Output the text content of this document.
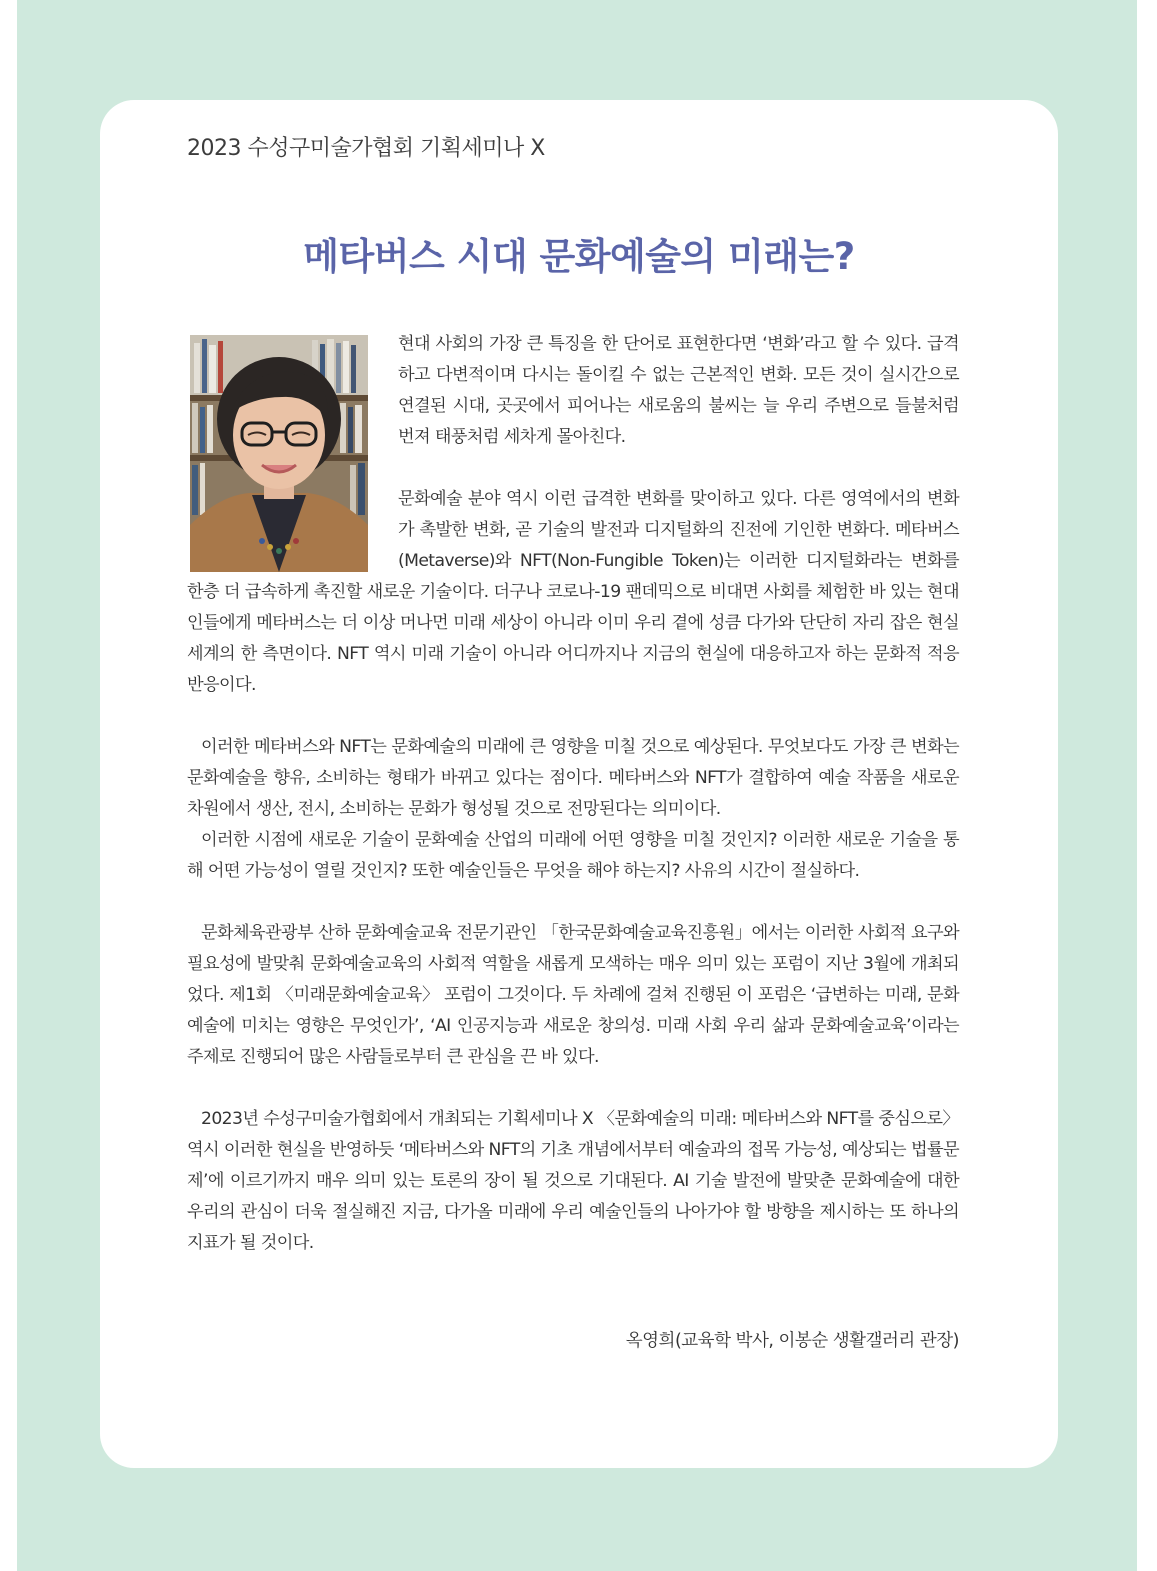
2023 수성구미술가협회 기획세미나 X
메타버스 시대 문화예술의 미래는?

현대 사회의 가장 큰 특징을 한 단어로 표현한다면 ‘변화’라고 할 수 있다. 급격하고 다변적이며 다시는 돌이킬 수 없는 근본적인 변화. 모든 것이 실시간으로 연결된 시대, 곳곳에서 피어나는 새로움의 불씨는 늘 우리 주변으로 들불처럼 번져 태풍처럼 세차게 몰아친다.

문화예술 분야 역시 이런 급격한 변화를 맞이하고 있다. 다른 영역에서의 변화가 촉발한 변화, 곧 기술의 발전과 디지털화의 진전에 기인한 변화다. 메타버스(Metaverse)와 NFT(Non-Fungible Token)는 이러한 디지털화라는 변화를 한층 더 급속하게 촉진할 새로운 기술이다. 더구나 코로나-19 팬데믹으로 비대면 사회를 체험한 바 있는 현대인들에게 메타버스는 더 이상 머나먼 미래 세상이 아니라 이미 우리 곁에 성큼 다가와 단단히 자리 잡은 현실 세계의 한 측면이다. NFT 역시 미래 기술이 아니라 어디까지나 지금의 현실에 대응하고자 하는 문화적 적응 반응이다.

이러한 메타버스와 NFT는 문화예술의 미래에 큰 영향을 미칠 것으로 예상된다. 무엇보다도 가장 큰 변화는 문화예술을 향유, 소비하는 형태가 바뀌고 있다는 점이다. 메타버스와 NFT가 결합하여 예술 작품을 새로운 차원에서 생산, 전시, 소비하는 문화가 형성될 것으로 전망된다는 의미이다.

이러한 시점에 새로운 기술이 문화예술 산업의 미래에 어떤 영향을 미칠 것인지? 이러한 새로운 기술을 통해 어떤 가능성이 열릴 것인지? 또한 예술인들은 무엇을 해야 하는지? 사유의 시간이 절실하다.

문화체육관광부 산하 문화예술교육 전문기관인 「한국문화예술교육진흥원」에서는 이러한 사회적 요구와 필요성에 발맞춰 문화예술교육의 사회적 역할을 새롭게 모색하는 매우 의미 있는 포럼이 지난 3월에 개최되었다. 제1회 〈미래문화예술교육〉 포럼이 그것이다. 두 차례에 걸쳐 진행된 이 포럼은 ‘급변하는 미래, 문화예술에 미치는 영향은 무엇인가’, ‘AI 인공지능과 새로운 창의성. 미래 사회 우리 삶과 문화예술교육’이라는 주제로 진행되어 많은 사람들로부터 큰 관심을 끈 바 있다.

2023년 수성구미술가협회에서 개최되는 기획세미나 X 〈문화예술의 미래: 메타버스와 NFT를 중심으로〉 역시 이러한 현실을 반영하듯 ‘메타버스와 NFT의 기초 개념에서부터 예술과의 접목 가능성, 예상되는 법률문제’에 이르기까지 매우 의미 있는 토론의 장이 될 것으로 기대된다. AI 기술 발전에 발맞춘 문화예술에 대한 우리의 관심이 더욱 절실해진 지금, 다가올 미래에 우리 예술인들의 나아가야 할 방향을 제시하는 또 하나의 지표가 될 것이다.

옥영희(교육학 박사, 이봉순 생활갤러리 관장)
